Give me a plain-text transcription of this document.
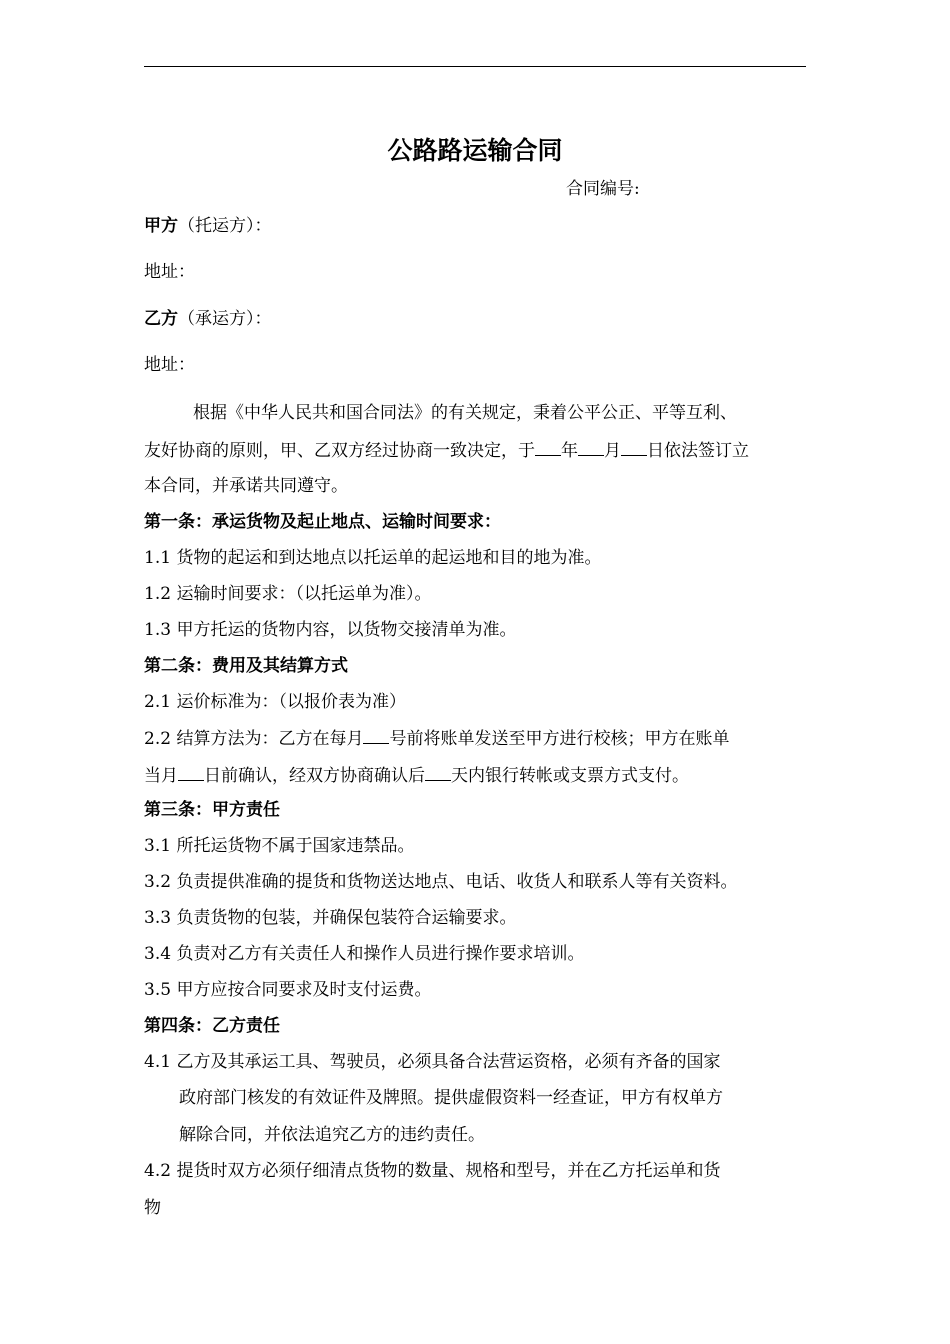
公路路运输合同
合同编号:
甲方（托运方）：
地址：
乙方（承运方）：
地址：
根据《中华人民共和国合同法》的有关规定，秉着公平公正、平等互利、
友好协商的原则，甲、乙双方经过协商一致决定，于 年 月 日依法签订立
本合同，并承诺共同遵守。
第一条：承运货物及起止地点、运输时间要求：
1.1 货物的起运和到达地点以托运单的起运地和目的地为准。
1.2 运输时间要求：（以托运单为准）。
1.3 甲方托运的货物内容，以货物交接清单为准。
第二条：费用及其结算方式
2.1 运价标准为：（以报价表为准）
2.2 结算方法为：乙方在每月 号前将账单发送至甲方进行校核；甲方在账单
当月 日前确认，经双方协商确认后 天内银行转帐或支票方式支付。
第三条：甲方责任
3.1 所托运货物不属于国家违禁品。
3.2 负责提供准确的提货和货物送达地点、电话、收货人和联系人等有关资料。
3.3 负责货物的包装，并确保包装符合运输要求。
3.4 负责对乙方有关责任人和操作人员进行操作要求培训。
3.5 甲方应按合同要求及时支付运费。
第四条：乙方责任
4.1 乙方及其承运工具、驾驶员，必须具备合法营运资格，必须有齐备的国家
政府部门核发的有效证件及牌照。提供虚假资料一经查证，甲方有权单方
解除合同，并依法追究乙方的违约责任。
4.2 提货时双方必须仔细清点货物的数量、规格和型号，并在乙方托运单和货
物
